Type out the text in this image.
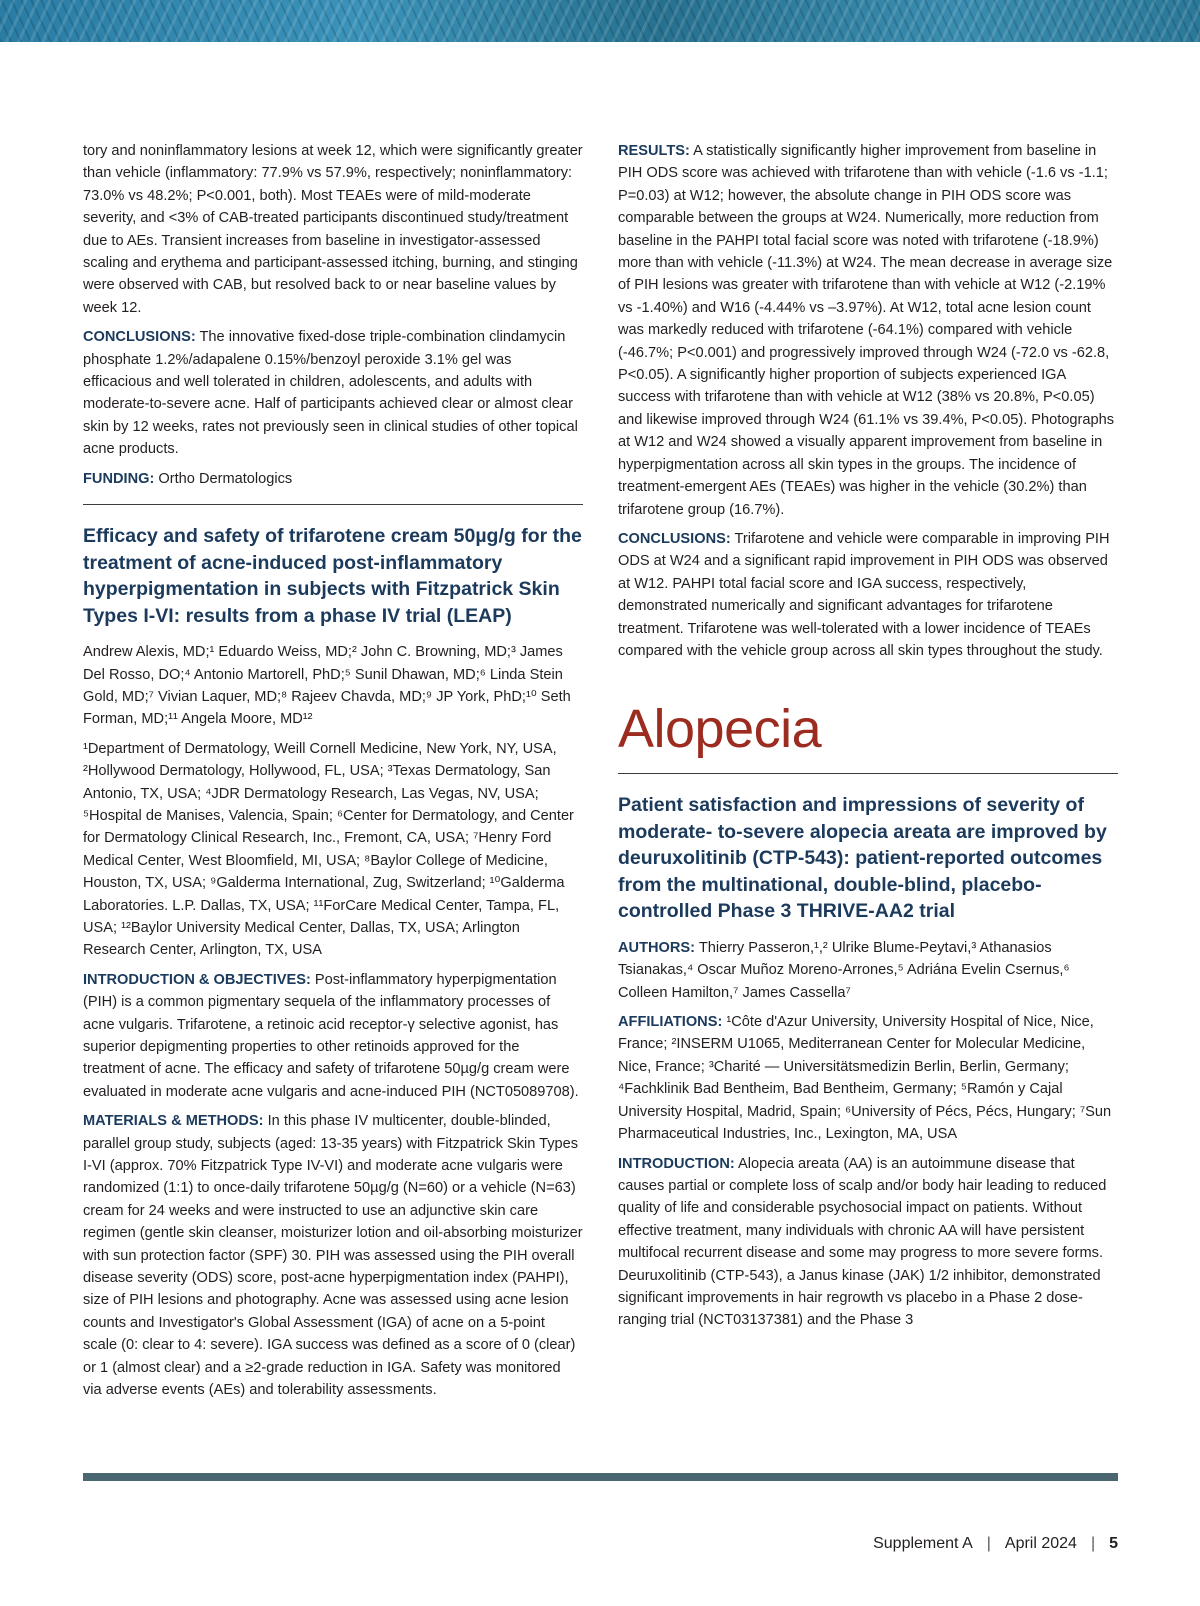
tory and noninflammatory lesions at week 12, which were significantly greater than vehicle (inflammatory: 77.9% vs 57.9%, respectively; noninflammatory: 73.0% vs 48.2%; P<0.001, both). Most TEAEs were of mild-moderate severity, and <3% of CAB-treated participants discontinued study/treatment due to AEs. Transient increases from baseline in investigator-assessed scaling and erythema and participant-assessed itching, burning, and stinging were observed with CAB, but resolved back to or near baseline values by week 12.

CONCLUSIONS: The innovative fixed-dose triple-combination clindamycin phosphate 1.2%/adapalene 0.15%/benzoyl peroxide 3.1% gel was efficacious and well tolerated in children, adolescents, and adults with moderate-to-severe acne. Half of participants achieved clear or almost clear skin by 12 weeks, rates not previously seen in clinical studies of other topical acne products.

FUNDING: Ortho Dermatologics

Efficacy and safety of trifarotene cream 50µg/g for the treatment of acne-induced post-inflammatory hyperpigmentation in subjects with Fitzpatrick Skin Types I-VI: results from a phase IV trial (LEAP)

Andrew Alexis, MD;¹ Eduardo Weiss, MD;² John C. Browning, MD;³ James Del Rosso, DO;⁴ Antonio Martorell, PhD;⁵ Sunil Dhawan, MD;⁶ Linda Stein Gold, MD;⁷ Vivian Laquer, MD;⁸ Rajeev Chavda, MD;⁹ JP York, PhD;¹⁰ Seth Forman, MD;¹¹ Angela Moore, MD¹²

¹Department of Dermatology, Weill Cornell Medicine, New York, NY, USA, ²Hollywood Dermatology, Hollywood, FL, USA; ³Texas Dermatology, San Antonio, TX, USA; ⁴JDR Dermatology Research, Las Vegas, NV, USA; ⁵Hospital de Manises, Valencia, Spain; ⁶Center for Dermatology, and Center for Dermatology Clinical Research, Inc., Fremont, CA, USA; ⁷Henry Ford Medical Center, West Bloomfield, MI, USA; ⁸Baylor College of Medicine, Houston, TX, USA; ⁹Galderma International, Zug, Switzerland; ¹⁰Galderma Laboratories. L.P. Dallas, TX, USA; ¹¹ForCare Medical Center, Tampa, FL, USA; ¹²Baylor University Medical Center, Dallas, TX, USA; Arlington Research Center, Arlington, TX, USA

INTRODUCTION & OBJECTIVES: Post-inflammatory hyperpigmentation (PIH) is a common pigmentary sequela of the inflammatory processes of acne vulgaris. Trifarotene, a retinoic acid receptor-γ selective agonist, has superior depigmenting properties to other retinoids approved for the treatment of acne. The efficacy and safety of trifarotene 50µg/g cream were evaluated in moderate acne vulgaris and acne-induced PIH (NCT05089708).

MATERIALS & METHODS: In this phase IV multicenter, double-blinded, parallel group study, subjects (aged: 13-35 years) with Fitzpatrick Skin Types I-VI (approx. 70% Fitzpatrick Type IV-VI) and moderate acne vulgaris were randomized (1:1) to once-daily trifarotene 50µg/g (N=60) or a vehicle (N=63) cream for 24 weeks and were instructed to use an adjunctive skin care regimen (gentle skin cleanser, moisturizer lotion and oil-absorbing moisturizer with sun protection factor (SPF) 30. PIH was assessed using the PIH overall disease severity (ODS) score, post-acne hyperpigmentation index (PAHPI), size of PIH lesions and photography. Acne was assessed using acne lesion counts and Investigator's Global Assessment (IGA) of acne on a 5-point scale (0: clear to 4: severe). IGA success was defined as a score of 0 (clear) or 1 (almost clear) and a ≥2-grade reduction in IGA. Safety was monitored via adverse events (AEs) and tolerability assessments.

RESULTS: A statistically significantly higher improvement from baseline in PIH ODS score was achieved with trifarotene than with vehicle (-1.6 vs -1.1; P=0.03) at W12; however, the absolute change in PIH ODS score was comparable between the groups at W24. Numerically, more reduction from baseline in the PAHPI total facial score was noted with trifarotene (-18.9%) more than with vehicle (-11.3%) at W24. The mean decrease in average size of PIH lesions was greater with trifarotene than with vehicle at W12 (-2.19% vs -1.40%) and W16 (-4.44% vs –3.97%). At W12, total acne lesion count was markedly reduced with trifarotene (-64.1%) compared with vehicle (-46.7%; P<0.001) and progressively improved through W24 (-72.0 vs -62.8, P<0.05). A significantly higher proportion of subjects experienced IGA success with trifarotene than with vehicle at W12 (38% vs 20.8%, P<0.05) and likewise improved through W24 (61.1% vs 39.4%, P<0.05). Photographs at W12 and W24 showed a visually apparent improvement from baseline in hyperpigmentation across all skin types in the groups. The incidence of treatment-emergent AEs (TEAEs) was higher in the vehicle (30.2%) than trifarotene group (16.7%).

CONCLUSIONS: Trifarotene and vehicle were comparable in improving PIH ODS at W24 and a significant rapid improvement in PIH ODS was observed at W12. PAHPI total facial score and IGA success, respectively, demonstrated numerically and significant advantages for trifarotene treatment. Trifarotene was well-tolerated with a lower incidence of TEAEs compared with the vehicle group across all skin types throughout the study.

Alopecia
Patient satisfaction and impressions of severity of moderate- to-severe alopecia areata are improved by deuruxolitinib (CTP-543): patient-reported outcomes from the multinational, double-blind, placebo-controlled Phase 3 THRIVE-AA2 trial

AUTHORS: Thierry Passeron,¹,² Ulrike Blume-Peytavi,³ Athanasios Tsianakas,⁴ Oscar Muñoz Moreno-Arrones,⁵ Adriána Evelin Csernus,⁶ Colleen Hamilton,⁷ James Cassella⁷

AFFILIATIONS: ¹Côte d'Azur University, University Hospital of Nice, Nice, France; ²INSERM U1065, Mediterranean Center for Molecular Medicine, Nice, France; ³Charité — Universitätsmedizin Berlin, Berlin, Germany; ⁴Fachklinik Bad Bentheim, Bad Bentheim, Germany; ⁵Ramón y Cajal University Hospital, Madrid, Spain; ⁶University of Pécs, Pécs, Hungary; ⁷Sun Pharmaceutical Industries, Inc., Lexington, MA, USA

INTRODUCTION: Alopecia areata (AA) is an autoimmune disease that causes partial or complete loss of scalp and/or body hair leading to reduced quality of life and considerable psychosocial impact on patients. Without effective treatment, many individuals with chronic AA will have persistent multifocal recurrent disease and some may progress to more severe forms. Deuruxolitinib (CTP-543), a Janus kinase (JAK) 1/2 inhibitor, demonstrated significant improvements in hair regrowth vs placebo in a Phase 2 dose-ranging trial (NCT03137381) and the Phase 3

Supplement A | April 2024 | 5
